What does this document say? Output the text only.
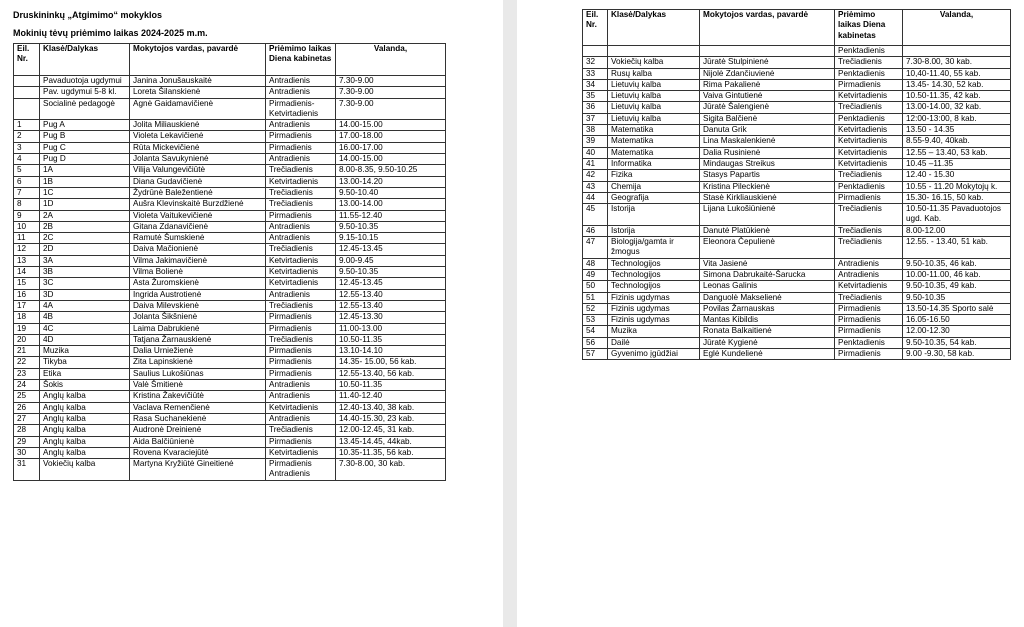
Druskininkų „Atgimimo“ mokyklos
Mokinių tėvų priėmimo laikas 2024-2025 m.m.
Eil. Nr.	Klasė/Dalykas	Mokytojos vardas, pavardė	Priėmimo laikas Diena kabinetas	Valanda,
	Pavaduotoja ugdymui	Janina Jonušauskaitė	Antradienis	7.30-9.00
	Pav. ugdymui 5-8 kl.	Loreta Šilanskienė	Antradienis	7.30-9.00
	Socialinė pedagogė	Agnė Gaidamavičienė	Pirmadienis- Ketvirtadienis	7.30-9.00
1	Pug A	Jolita Miliauskienė	Antradienis	14.00-15.00
2	Pug B	Violeta Lekavičienė	Pirmadienis	17.00-18.00
3	Pug C	Rūta Mickevičienė	Pirmadienis	16.00-17.00
4	Pug D	Jolanta Savukynienė	Antradienis	14.00-15.00
5	1A	Vilija Valungevičiūtė	Trečiadienis	8.00-8.35, 9.50-10.25
6	1B	Diana Gudavičienė	Ketvirtadienis	13.00-14.20
7	1C	Žydrūnė Baležentienė	Trečiadienis	9.50-10.40
8	1D	Aušra Klevinskaitė Burzdžienė	Trečiadienis	13.00-14.00
9	2A	Violeta Vaitukevičienė	Pirmadienis	11.55-12.40
10	2B	Gitana Zdanavičienė	Antradienis	9.50-10.35
11	2C	Ramutė Šumskienė	Antradienis	9.15-10.15
12	2D	Daiva Mačionienė	Trečiadienis	12.45-13.45
13	3A	Vilma Jakimavičienė	Ketvirtadienis	9.00-9.45
14	3B	Vilma Bolienė	Ketvirtadienis	9.50-10.35
15	3C	Asta Žuromskienė	Ketvirtadienis	12.45-13.45
16	3D	Ingrida Austrotienė	Antradienis	12.55-13.40
17	4A	Daiva Milevskienė	Trečiadienis	12.55-13.40
18	4B	Jolanta Šikšnienė	Pirmadienis	12.45-13.30
19	4C	Laima Dabrukienė	Pirmadienis	11.00-13.00
20	4D	Tatjana Žarnauskienė	Trečiadienis	10.50-11.35
21	Muzika	Dalia Urniežienė	Pirmadienis	13.10-14.10
22	Tikyba	Zita Lapinskienė	Pirmadienis	14.35- 15.00, 56 kab.
23	Etika	Saulius Lukošiūnas	Pirmadienis	12.55-13.40, 56 kab.
24	Šokis	Valė Šmitienė	Antradienis	10.50-11.35
25	Anglų kalba	Kristina Žakevičiūtė	Antradienis	11.40-12.40
26	Anglų kalba	Vaclava Remenčienė	Ketvirtadienis	12.40-13.40, 38 kab.
27	Anglų kalba	Rasa Suchanekienė	Antradienis	14.40-15.30, 23 kab.
28	Anglų kalba	Audronė Dreinienė	Trečiadienis	12.00-12.45, 31 kab.
29	Anglų kalba	Aida Balčiūnienė	Pirmadienis	13.45-14.45, 44kab.
30	Anglų kalba	Rovena Kvaraciejūtė	Ketvirtadienis	10.35-11.35, 56 kab.
31	Vokiečių kalba	Martyna Kryžiūtė Gineitienė	Pirmadienis Antradienis	7.30-8.00, 30 kab.
Eil. Nr.	Klasė/Dalykas	Mokytojos vardas, pavardė	Priėmimo laikas Diena kabinetas	Valanda,
			Penktadienis	
32	Vokiečių kalba	Jūratė Stulpinienė	Trečiadienis	7.30-8.00, 30 kab.
33	Rusų kalba	Nijolė Zdančiuvienė	Penktadienis	10,40-11.40, 55 kab.
34	Lietuvių kalba	Rima Pakalienė	Pirmadienis	13.45- 14.30, 52 kab.
35	Lietuvių kalba	Vaiva Gintutienė	Ketvirtadienis	10.50-11.35, 42 kab.
36	Lietuvių kalba	Jūratė Šalengienė	Trečiadienis	13.00-14.00, 32 kab.
37	Lietuvių kalba	Sigita Balčienė	Penktadienis	12:00-13:00, 8 kab.
38	Matematika	Danuta Grik	Ketvirtadienis	13.50 - 14.35
39	Matematika	Lina Maskalenkienė	Ketvirtadienis	8.55-9.40, 40kab.
40	Matematika	Dalia Rusinienė	Ketvirtadienis	12.55 – 13.40, 53 kab.
41	Informatika	Mindaugas Streikus	Ketvirtadienis	10.45 –11.35
42	Fizika	Stasys Papartis	Trečiadienis	12.40 - 15.30
43	Chemija	Kristina Pileckienė	Penktadienis	10.55 - 11.20 Mokytojų k.
44	Geografija	Stasė Kirkliauskienė	Pirmadienis	15.30- 16.15, 50 kab.
45	Istorija	Lijana Lukošiūnienė	Trečiadienis	10.50-11.35 Pavaduotojos ugd. Kab.
46	Istorija	Danutė Platūkienė	Trečiadienis	8.00-12.00
47	Biologija/gamta ir žmogus	Eleonora Čepulienė	Trečiadienis	12.55. - 13.40, 51 kab.
48	Technologijos	Vita Jasienė	Antradienis	9.50-10.35, 46 kab.
49	Technologijos	Simona Dabrukaitė-Šarucka	Antradienis	10.00-11.00, 46 kab.
50	Technologijos	Leonas Galinis	Ketvirtadienis	9.50-10.35, 49 kab.
51	Fizinis ugdymas	Danguolė Makselienė	Trečiadienis	9.50-10.35
52	Fizinis ugdymas	Povilas Žarnauskas	Pirmadienis	13.50-14.35 Sporto salė
53	Fizinis ugdymas	Mantas Kibildis	Pirmadienis	16.05-16.50
54	Muzika	Ronata Balkaitienė	Pirmadienis	12.00-12.30
56	Dailė	Jūratė Kygienė	Penktadienis	9.50-10.35, 54 kab.
57	Gyvenimo įgūdžiai	Eglė Kundelienė	Pirmadienis	9.00 -9.30, 58 kab.
